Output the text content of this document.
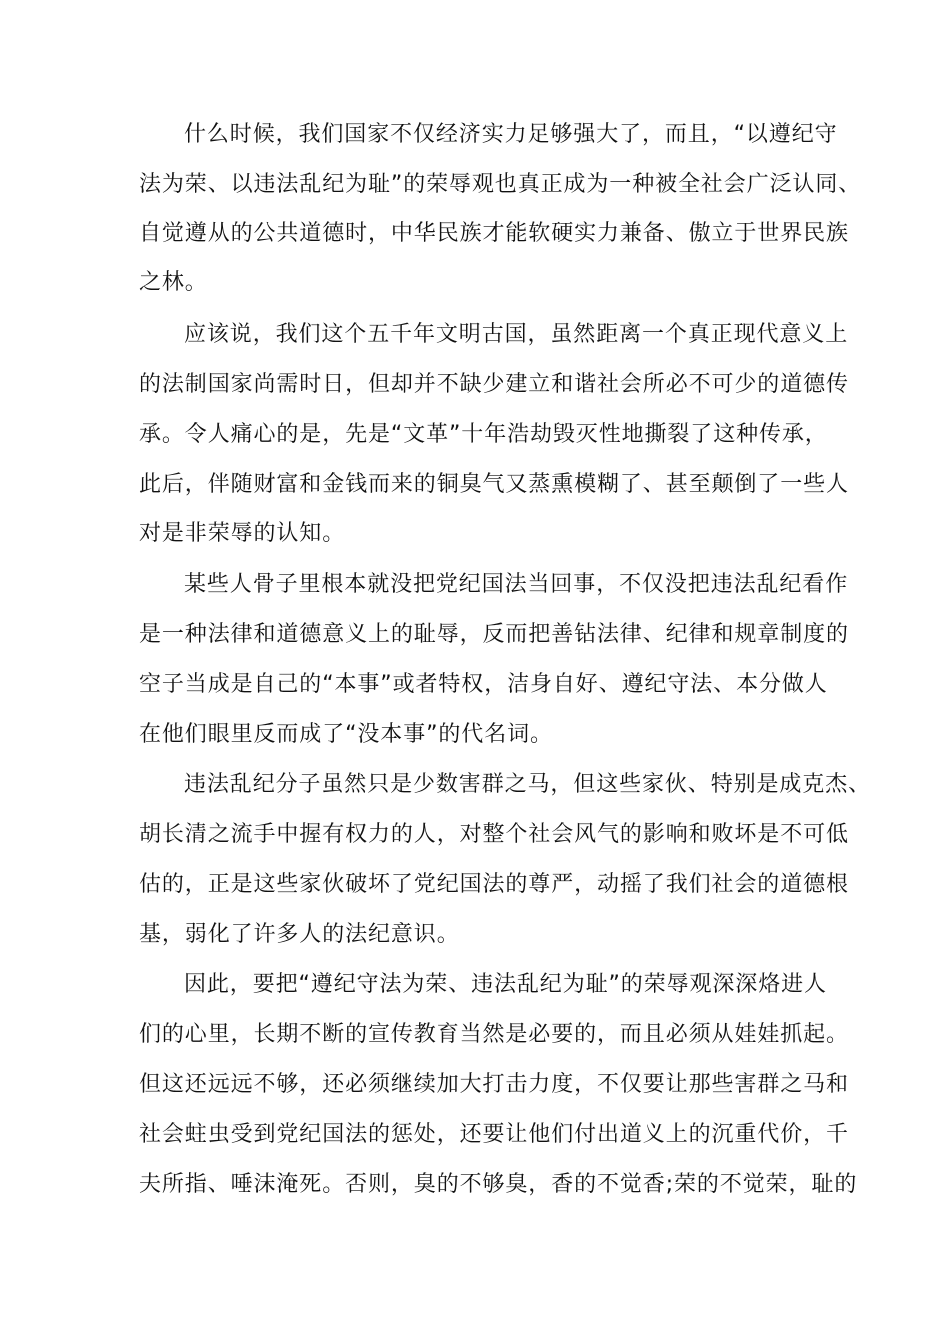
什么时候，我们国家不仅经济实力足够强大了，而且，“以遵纪守
法为荣、以违法乱纪为耻”的荣辱观也真正成为一种被全社会广泛认同、
自觉遵从的公共道德时，中华民族才能软硬实力兼备、傲立于世界民族
之林。
应该说，我们这个五千年文明古国，虽然距离一个真正现代意义上
的法制国家尚需时日，但却并不缺少建立和谐社会所必不可少的道德传
承。令人痛心的是，先是“文革”十年浩劫毁灭性地撕裂了这种传承，
此后，伴随财富和金钱而来的铜臭气又蒸熏模糊了、甚至颠倒了一些人
对是非荣辱的认知。
某些人骨子里根本就没把党纪国法当回事，不仅没把违法乱纪看作
是一种法律和道德意义上的耻辱，反而把善钻法律、纪律和规章制度的
空子当成是自己的“本事”或者特权，洁身自好、遵纪守法、本分做人
在他们眼里反而成了“没本事”的代名词。
违法乱纪分子虽然只是少数害群之马，但这些家伙、特别是成克杰、
胡长清之流手中握有权力的人，对整个社会风气的影响和败坏是不可低
估的，正是这些家伙破坏了党纪国法的尊严，动摇了我们社会的道德根
基，弱化了许多人的法纪意识。
因此，要把“遵纪守法为荣、违法乱纪为耻”的荣辱观深深烙进人
们的心里，长期不断的宣传教育当然是必要的，而且必须从娃娃抓起。
但这还远远不够，还必须继续加大打击力度，不仅要让那些害群之马和
社会蛀虫受到党纪国法的惩处，还要让他们付出道义上的沉重代价，千
夫所指、唾沫淹死。否则，臭的不够臭，香的不觉香;荣的不觉荣，耻的
